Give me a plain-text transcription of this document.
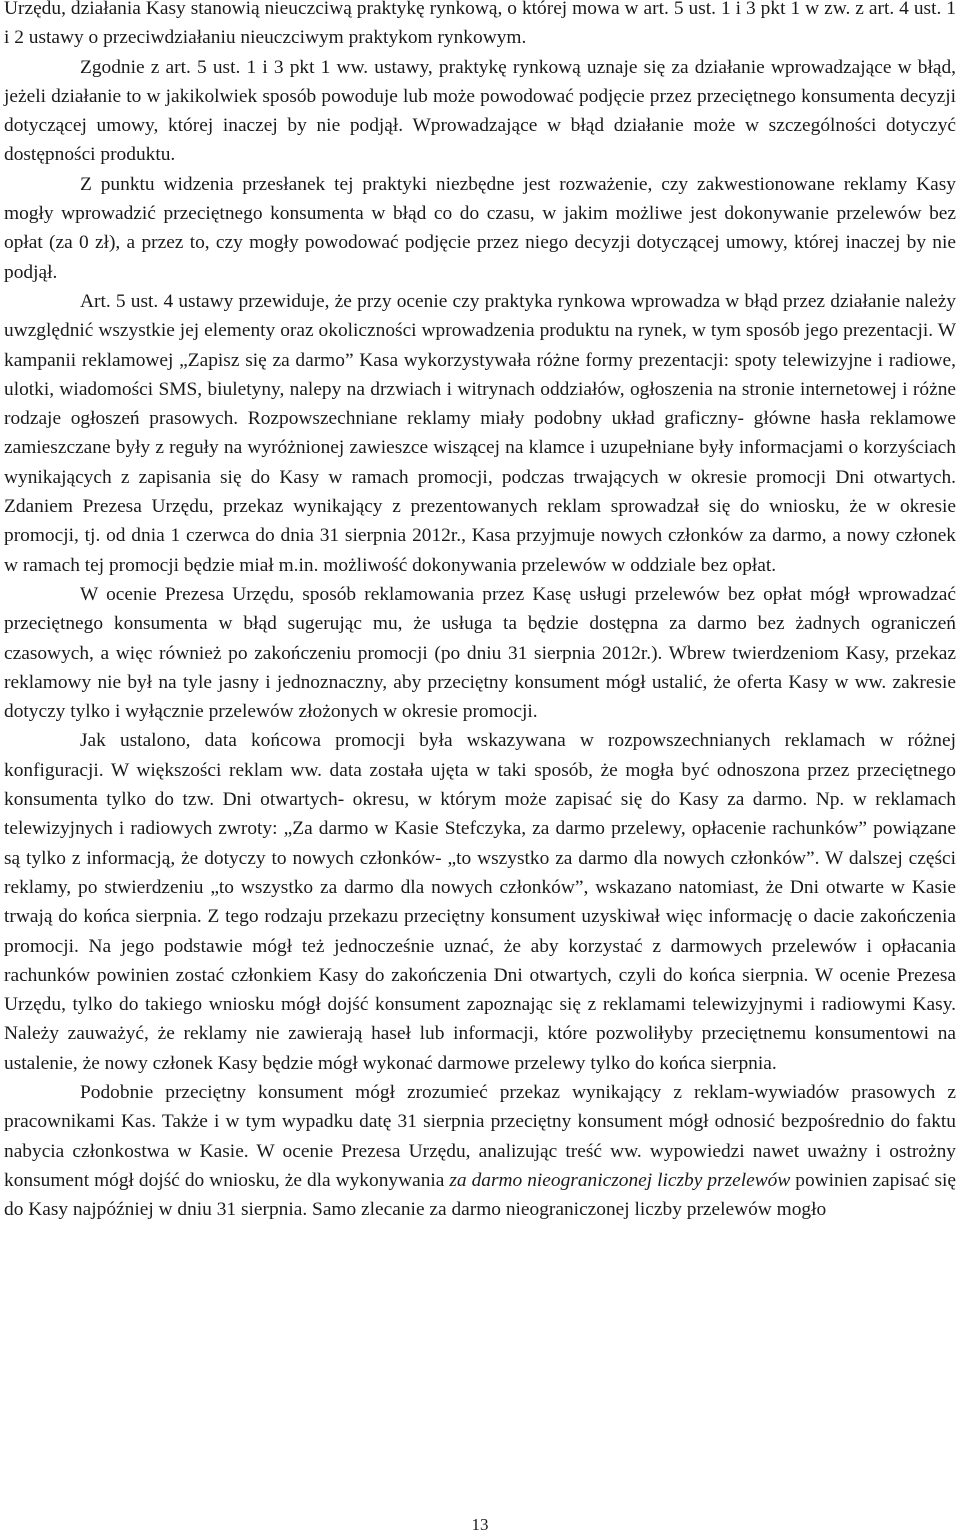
Urzędu, działania Kasy stanowią nieuczciwą praktykę rynkową, o której mowa w art. 5 ust. 1 i 3 pkt 1 w zw. z art. 4 ust. 1 i 2 ustawy o przeciwdziałaniu nieuczciwym praktykom rynkowym.

Zgodnie z art. 5 ust. 1 i 3 pkt 1 ww. ustawy, praktykę rynkową uznaje się za działanie wprowadzające w błąd, jeżeli działanie to w jakikolwiek sposób powoduje lub może powodować podjęcie przez przeciętnego konsumenta decyzji dotyczącej umowy, której inaczej by nie podjął. Wprowadzające w błąd działanie może w szczególności dotyczyć dostępności produktu.

Z punktu widzenia przesłanek tej praktyki niezbędne jest rozważenie, czy zakwestionowane reklamy Kasy mogły wprowadzić przeciętnego konsumenta w błąd co do czasu, w jakim możliwe jest dokonywanie przelewów bez opłat (za 0 zł), a przez to, czy mogły powodować podjęcie przez niego decyzji dotyczącej umowy, której inaczej by nie podjął.

Art. 5 ust. 4 ustawy przewiduje, że przy ocenie czy praktyka rynkowa wprowadza w błąd przez działanie należy uwzględnić wszystkie jej elementy oraz okoliczności wprowadzenia produktu na rynek, w tym sposób jego prezentacji. W kampanii reklamowej „Zapisz się za darmo” Kasa wykorzystywała różne formy prezentacji: spoty telewizyjne i radiowe, ulotki, wiadomości SMS, biuletyny, nalepy na drzwiach i witrynach oddziałów, ogłoszenia na stronie internetowej i różne rodzaje ogłoszeń prasowych. Rozpowszechniane reklamy miały podobny układ graficzny- główne hasła reklamowe zamieszczane były z reguły na wyróżnionej zawieszce wiszącej na klamce i uzupełniane były informacjami o korzyściach wynikających z zapisania się do Kasy w ramach promocji, podczas trwających w okresie promocji Dni otwartych. Zdaniem Prezesa Urzędu, przekaz wynikający z prezentowanych reklam sprowadzał się do wniosku, że w okresie promocji, tj. od dnia 1 czerwca do dnia 31 sierpnia 2012r., Kasa przyjmuje nowych członków za darmo, a nowy członek w ramach tej promocji będzie miał m.in. możliwość dokonywania przelewów w oddziale bez opłat.

W ocenie Prezesa Urzędu, sposób reklamowania przez Kasę usługi przelewów bez opłat mógł wprowadzać przeciętnego konsumenta w błąd sugerując mu, że usługa ta będzie dostępna za darmo bez żadnych ograniczeń czasowych, a więc również po zakończeniu promocji (po dniu 31 sierpnia 2012r.). Wbrew twierdzeniom Kasy, przekaz reklamowy nie był na tyle jasny i jednoznaczny, aby przeciętny konsument mógł ustalić, że oferta Kasy w ww. zakresie dotyczy tylko i wyłącznie przelewów złożonych w okresie promocji.

Jak ustalono, data końcowa promocji była wskazywana w rozpowszechnianych reklamach w różnej konfiguracji. W większości reklam ww. data została ujęta w taki sposób, że mogła być odnoszona przez przeciętnego konsumenta tylko do tzw. Dni otwartych- okresu, w którym może zapisać się do Kasy za darmo. Np. w reklamach telewizyjnych i radiowych zwroty: „Za darmo w Kasie Stefczyka, za darmo przelewy, opłacenie rachunków” powiązane są tylko z informacją, że dotyczy to nowych członków- „to wszystko za darmo dla nowych członków”. W dalszej części reklamy, po stwierdzeniu „to wszystko za darmo dla nowych członków”, wskazano natomiast, że Dni otwarte w Kasie trwają do końca sierpnia. Z tego rodzaju przekazu przeciętny konsument uzyskiwał więc informację o dacie zakończenia promocji. Na jego podstawie mógł też jednocześnie uznać, że aby korzystać z darmowych przelewów i opłacania rachunków powinien zostać członkiem Kasy do zakończenia Dni otwartych, czyli do końca sierpnia. W ocenie Prezesa Urzędu, tylko do takiego wniosku mógł dojść konsument zapoznając się z reklamami telewizyjnymi i radiowymi Kasy. Należy zauważyć, że reklamy nie zawierają haseł lub informacji, które pozwoliłyby przeciętnemu konsumentowi na ustalenie, że nowy członek Kasy będzie mógł wykonać darmowe przelewy tylko do końca sierpnia.

Podobnie przeciętny konsument mógł zrozumieć przekaz wynikający z reklam-wywiadów prasowych z pracownikami Kas. Także i w tym wypadku datę 31 sierpnia przeciętny konsument mógł odnosić bezpośrednio do faktu nabycia członkostwa w Kasie. W ocenie Prezesa Urzędu, analizując treść ww. wypowiedzi nawet uważny i ostrożny konsument mógł dojść do wniosku, że dla wykonywania za darmo nieograniczonej liczby przelewów powinien zapisać się do Kasy najpóźniej w dniu 31 sierpnia. Samo zlecanie za darmo nieograniczonej liczby przelewów mogło

13
